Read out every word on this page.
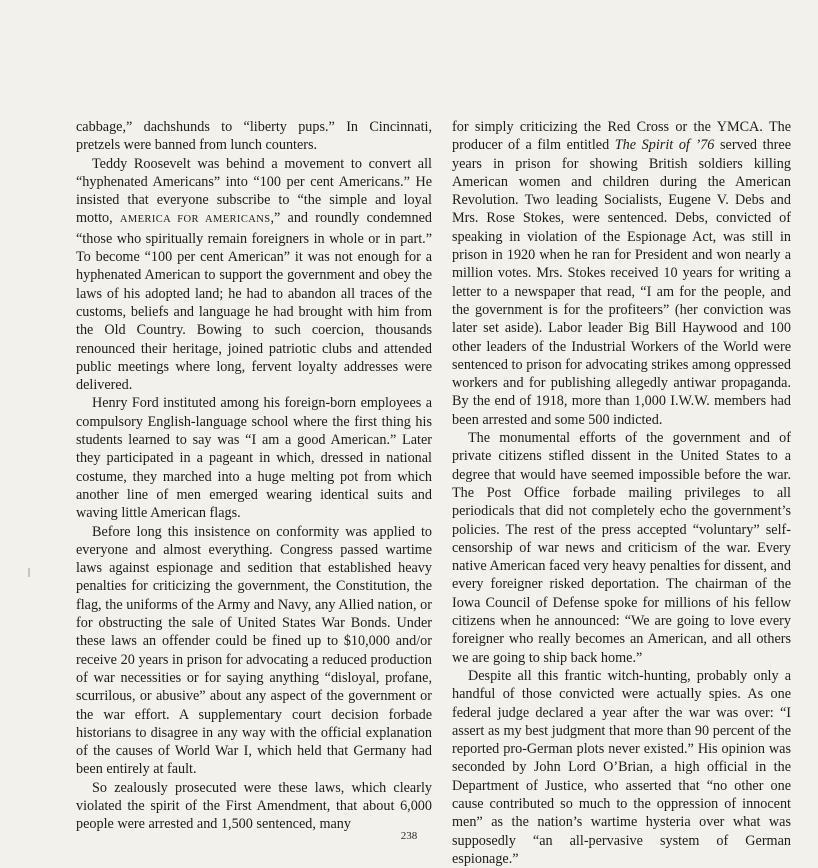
cabbage,” dachshunds to “liberty pups.” In Cincinnati, pretzels were banned from lunch counters.

Teddy Roosevelt was behind a movement to convert all “hyphenated Americans” into “100 per cent Americans.” He insisted that everyone subscribe to “the simple and loyal motto, AMERICA FOR AMERICANS,” and roundly condemned “those who spiritually remain foreigners in whole or in part.” To become “100 per cent American” it was not enough for a hyphenated American to support the government and obey the laws of his adopted land; he had to abandon all traces of the customs, beliefs and language he had brought with him from the Old Country. Bowing to such coercion, thousands renounced their heritage, joined patriotic clubs and attended public meetings where long, fervent loyalty addresses were delivered.

Henry Ford instituted among his foreign-born employees a compulsory English-language school where the first thing his students learned to say was “I am a good American.” Later they participated in a pageant in which, dressed in national costume, they marched into a huge melting pot from which another line of men emerged wearing identical suits and waving little American flags.

Before long this insistence on conformity was applied to everyone and almost everything. Congress passed wartime laws against espionage and sedition that established heavy penalties for criticizing the government, the Constitution, the flag, the uniforms of the Army and Navy, any Allied nation, or for obstructing the sale of United States War Bonds. Under these laws an offender could be fined up to $10,000 and/or receive 20 years in prison for advocating a reduced production of war necessities or for saying anything “disloyal, profane, scurrilous, or abusive” about any aspect of the government or the war effort. A supplementary court decision forbade historians to disagree in any way with the official explanation of the causes of World War I, which held that Germany had been entirely at fault.

So zealously prosecuted were these laws, which clearly violated the spirit of the First Amendment, that about 6,000 people were arrested and 1,500 sentenced, many

for simply criticizing the Red Cross or the YMCA. The producer of a film entitled The Spirit of ’76 served three years in prison for showing British soldiers killing American women and children during the American Revolution. Two leading Socialists, Eugene V. Debs and Mrs. Rose Stokes, were sentenced. Debs, convicted of speaking in violation of the Espionage Act, was still in prison in 1920 when he ran for President and won nearly a million votes. Mrs. Stokes received 10 years for writing a letter to a newspaper that read, “I am for the people, and the government is for the profiteers” (her conviction was later set aside). Labor leader Big Bill Haywood and 100 other leaders of the Industrial Workers of the World were sentenced to prison for advocating strikes among oppressed workers and for publishing allegedly antiwar propaganda. By the end of 1918, more than 1,000 I.W.W. members had been arrested and some 500 indicted.

The monumental efforts of the government and of private citizens stifled dissent in the United States to a degree that would have seemed impossible before the war. The Post Office forbade mailing privileges to all periodicals that did not completely echo the government’s policies. The rest of the press accepted “voluntary” self-censorship of war news and criticism of the war. Every native American faced very heavy penalties for dissent, and every foreigner risked deportation. The chairman of the Iowa Council of Defense spoke for millions of his fellow citizens when he announced: “We are going to love every foreigner who really becomes an American, and all others we are going to ship back home.”

Despite all this frantic witch-hunting, probably only a handful of those convicted were actually spies. As one federal judge declared a year after the war was over: “I assert as my best judgment that more than 90 percent of the reported pro-German plots never existed.” His opinion was seconded by John Lord O’Brian, a high official in the Department of Justice, who asserted that “no other one cause contributed so much to the oppression of innocent men” as the nation’s wartime hysteria over what was supposedly “an all-pervasive system of German espionage.”

238
